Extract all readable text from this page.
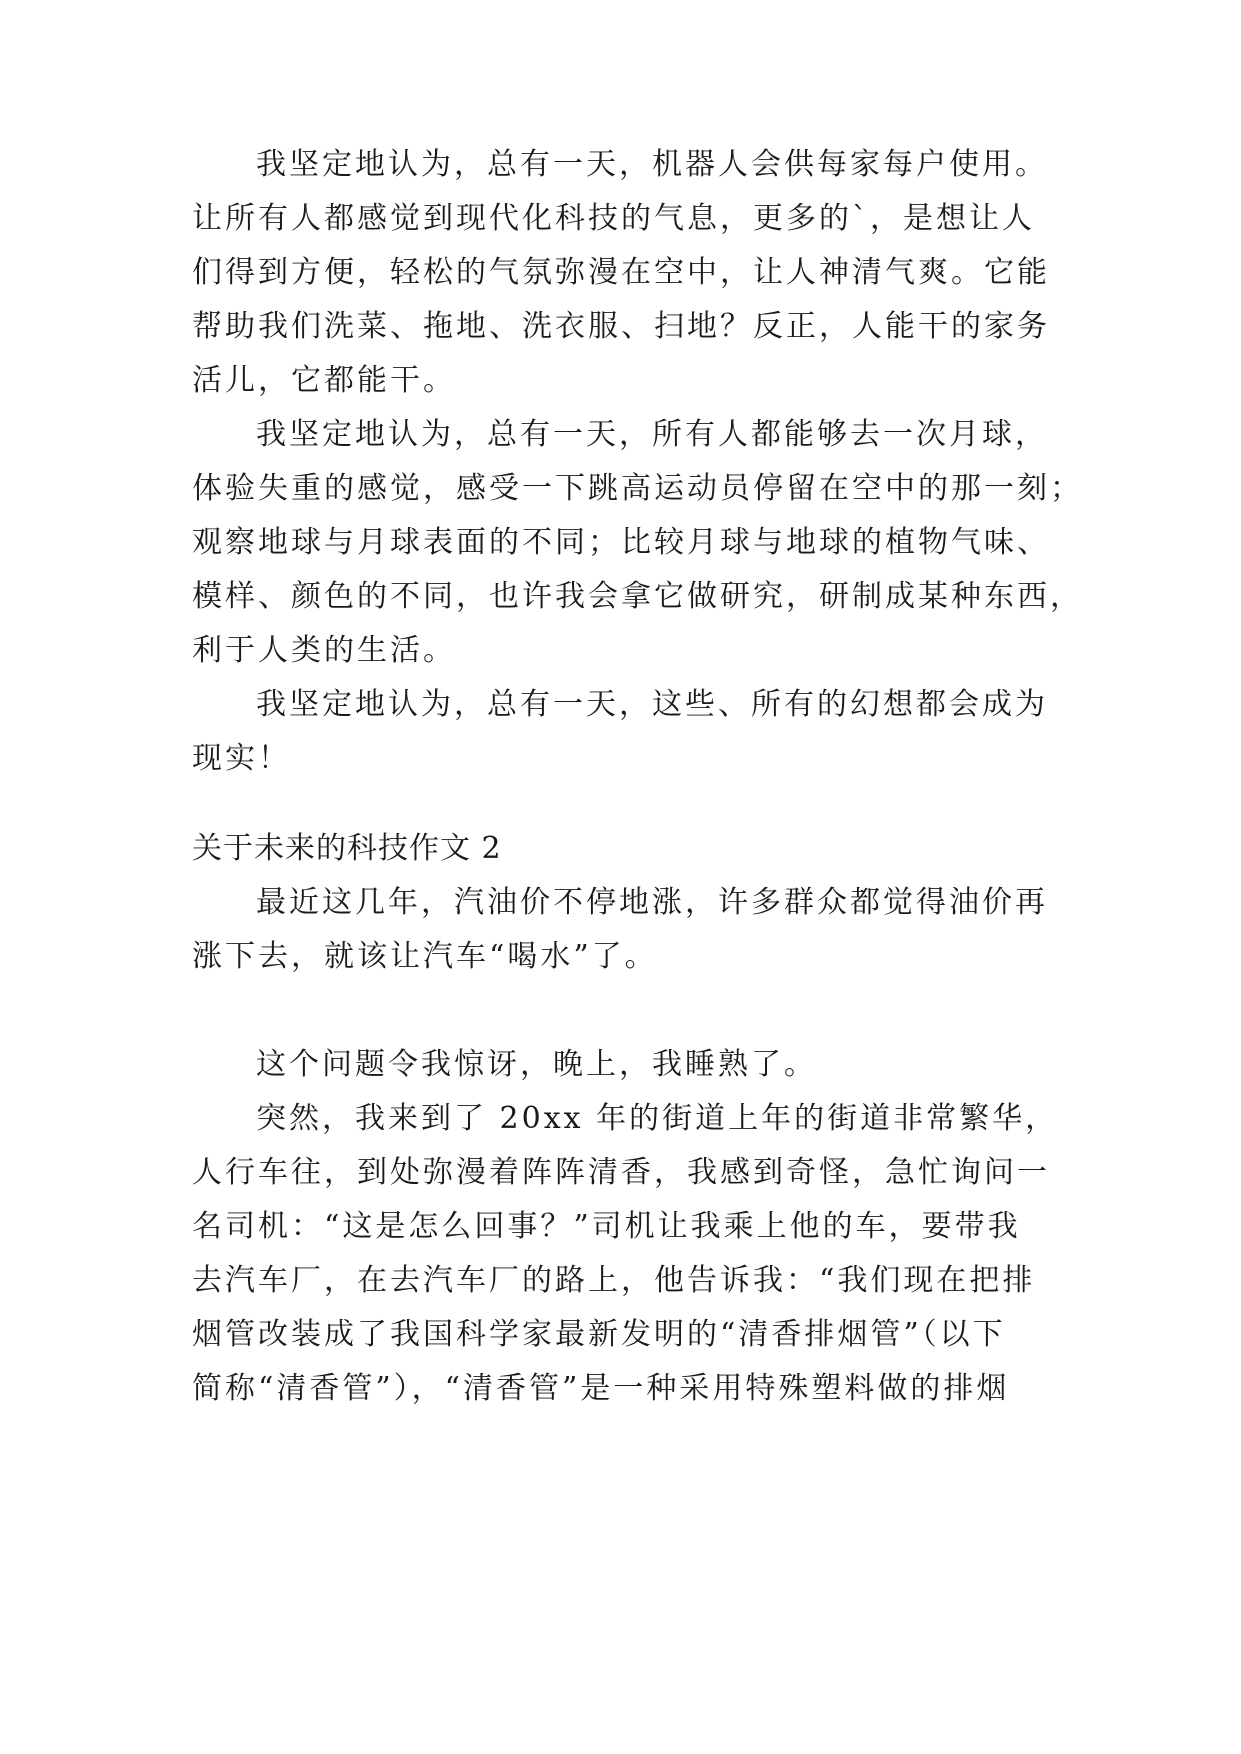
我坚定地认为，总有一天，机器人会供每家每户使用。

让所有人都感觉到现代化科技的气息，更多的`，是想让人

们得到方便，轻松的气氛弥漫在空中，让人神清气爽。它能

帮助我们洗菜、拖地、洗衣服、扫地？反正，人能干的家务

活儿，它都能干。

我坚定地认为，总有一天，所有人都能够去一次月球，

体验失重的感觉，感受一下跳高运动员停留在空中的那一刻；

观察地球与月球表面的不同；比较月球与地球的植物气味、

模样、颜色的不同，也许我会拿它做研究，研制成某种东西，

利于人类的生活。

我坚定地认为，总有一天，这些、所有的幻想都会成为

现实！

关于未来的科技作文 2

最近这几年，汽油价不停地涨，许多群众都觉得油价再

涨下去，就该让汽车“喝水”了。

这个问题令我惊讶，晚上，我睡熟了。

突然，我来到了 20xx 年的街道上年的街道非常繁华，

人行车往，到处弥漫着阵阵清香，我感到奇怪，急忙询问一

名司机：“这是怎么回事？”司机让我乘上他的车，要带我

去汽车厂，在去汽车厂的路上，他告诉我：“我们现在把排

烟管改装成了我国科学家最新发明的“清香排烟管”（以下

简称“清香管”），“清香管”是一种采用特殊塑料做的排烟
